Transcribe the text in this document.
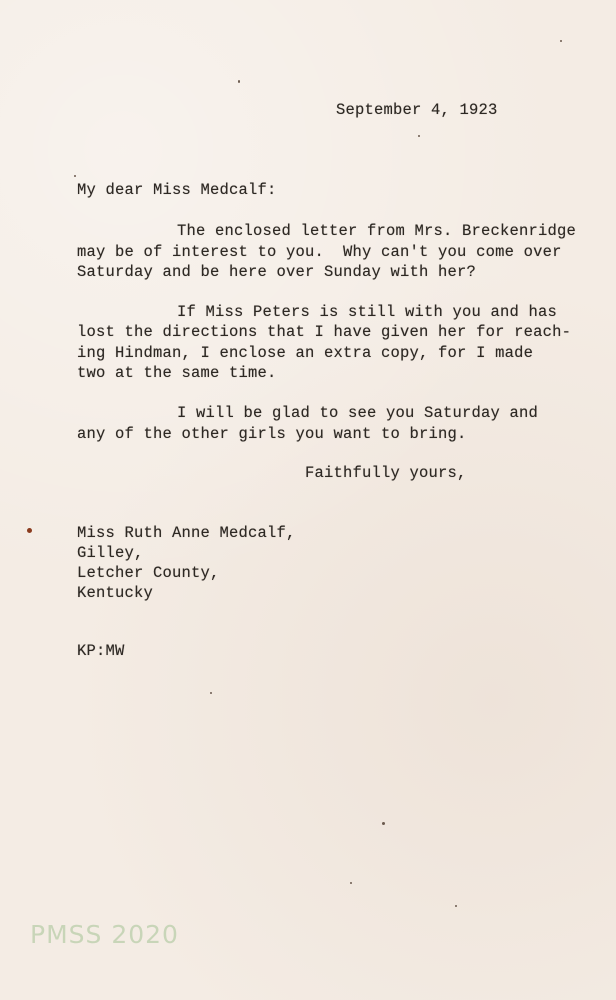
September 4, 1923
My dear Miss Medcalf:
The enclosed letter from Mrs. Breckenridge
may be of interest to you.  Why can't you come over
Saturday and be here over Sunday with her?
If Miss Peters is still with you and has
lost the directions that I have given her for reach-
ing Hindman, I enclose an extra copy, for I made
two at the same time.
I will be glad to see you Saturday and
any of the other girls you want to bring.
Faithfully yours,
Miss Ruth Anne Medcalf,
Gilley,
Letcher County,
Kentucky
KP:MW
PMSS 2020
